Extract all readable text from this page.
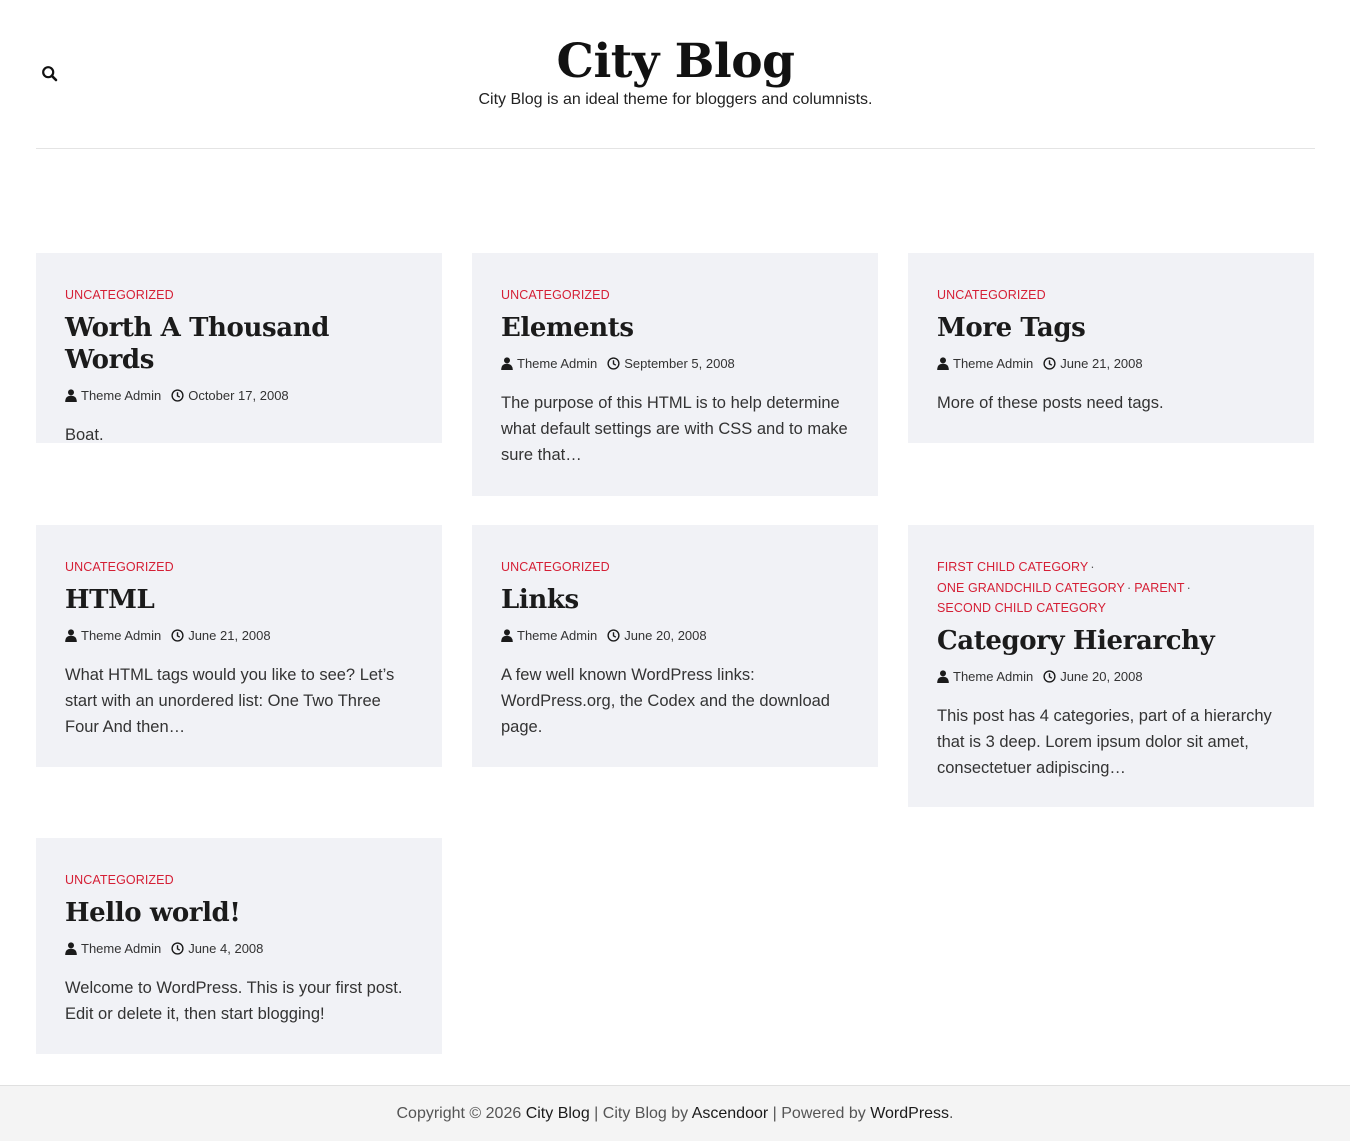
City Blog
City Blog is an ideal theme for bloggers and columnists.
UNCATEGORIZED
Worth A Thousand Words
Theme Admin October 17, 2008

Boat.

UNCATEGORIZED
Elements
Theme Admin September 5, 2008

The purpose of this HTML is to help determine what default settings are with CSS and to make sure that…

UNCATEGORIZED
More Tags
Theme Admin June 21, 2008

More of these posts need tags.

UNCATEGORIZED
HTML
Theme Admin June 21, 2008

What HTML tags would you like to see? Let’s start with an unordered list: One Two Three Four And then…

UNCATEGORIZED
Links
Theme Admin June 20, 2008

A few well known WordPress links: WordPress.org, the Codex and the download page.

FIRST CHILD CATEGORY ·
ONE GRANDCHILD CATEGORY · PARENT ·
SECOND CHILD CATEGORY
Category Hierarchy
Theme Admin June 20, 2008

This post has 4 categories, part of a hierarchy that is 3 deep. Lorem ipsum dolor sit amet, consectetuer adipiscing…

UNCATEGORIZED
Hello world!
Theme Admin June 4, 2008

Welcome to WordPress. This is your first post. Edit or delete it, then start blogging!

Copyright © 2026 City Blog | City Blog by Ascendoor | Powered by WordPress.
